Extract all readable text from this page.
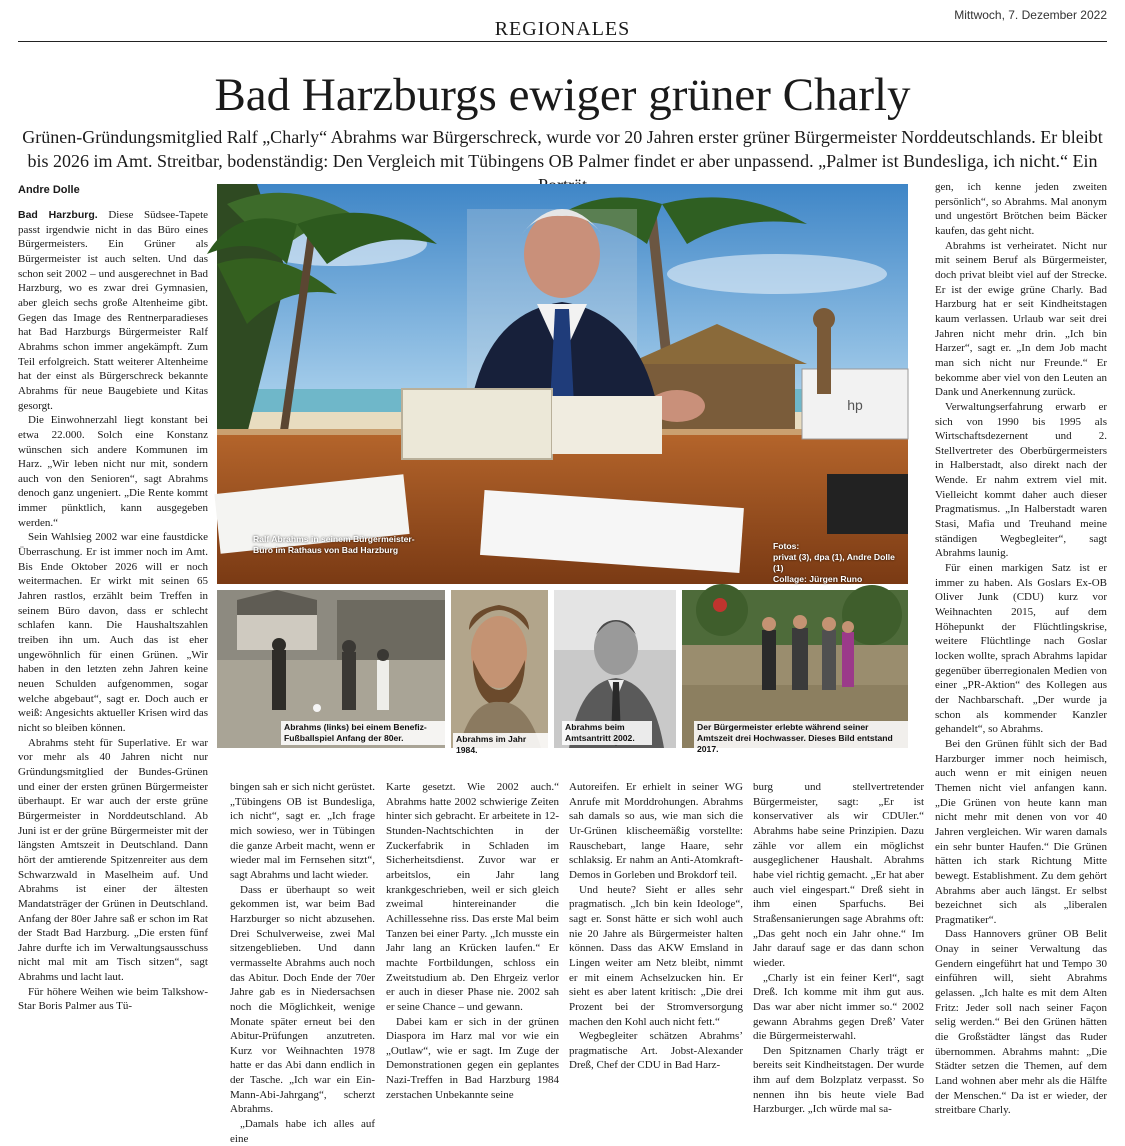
REGIONALES
Mittwoch, 7. Dezember 2022
Bad Harzburgs ewiger grüner Charly
Grünen-Gründungsmitglied Ralf „Charly“ Abrahms war Bürgerschreck, wurde vor 20 Jahren erster grüner Bürgermeister Norddeutschlands. Er bleibt bis 2026 im Amt. Streitbar, bodenständig: Den Vergleich mit Tübingens OB Palmer findet er aber unpassend. „Palmer ist Bundesliga, ich nicht.“ Ein
Andre Dolle

Bad Harzburg. Diese Südsee-Tapete passt irgendwie nicht in das Büro eines Bürgermeisters. Ein Grüner als Bürgermeister ist auch selten. Und das schon seit 2002 – und ausgerechnet in Bad Harzburg, wo es zwar drei Gymnasien, aber gleich sechs große Altenheime gibt. Gegen das Image des Rentnerparadieses hat Bad Harzburgs Bürgermeister Ralf Abrahms schon immer angekämpft. Zum Teil erfolgreich. Statt weiterer Altenheime hat der einst als Bürgerschreck bekannte Abrahms für neue Baugebiete und Kitas gesorgt.

Die Einwohnerzahl liegt konstant bei etwa 22.000. Solch eine Konstanz wünschen sich andere Kommunen im Harz. „Wir leben nicht nur mit, sondern auch von den Senioren“, sagt Abrahms denoch ganz ungeniert. „Die Rente kommt immer pünktlich, kann ausgegeben werden.“

Sein Wahlsieg 2002 war eine faustdicke Überraschung. Er ist immer noch im Amt. Bis Ende Oktober 2026 will er noch weitermachen. Er wirkt mit seinen 65 Jahren rastlos, erzählt beim Treffen in seinem Büro davon, dass er schlecht schlafen kann. Die Haushaltszahlen treiben ihn um. Auch das ist eher ungewöhnlich für einen Grünen. „Wir haben in den letzten zehn Jahren keine neuen Schulden aufgenommen, sogar welche abgebaut“, sagt er. Doch auch er weiß: Angesichts aktueller Krisen wird das nicht so bleiben können.

Abrahms steht für Superlative. Er war vor mehr als 40 Jahren nicht nur Gründungsmitglied der Bundes-Grünen und einer der ersten grünen Bürgermeister überhaupt. Er war auch der erste grüne Bürgermeister in Norddeutschland. Ab Juni ist er der grüne Bürgermeister mit der längsten Amtszeit in Deutschland. Dann hört der amtierende Spitzenreiter aus dem Schwarzwald in Maselheim auf. Und Abrahms ist einer der ältesten Mandatsträger der Grünen in Deutschland. Anfang der 80er Jahre saß er schon im Rat der Stadt Bad Harzburg. „Die ersten fünf Jahre durfte ich im Verwaltungsausschuss nicht mal mit am Tisch sitzen“, sagt Abrahms und lacht laut.

Für höhere Weihen wie beim Talkshow-Star Boris Palmer aus Tü-

hp
Ralf Abrahms in seinem Bürgermeister-Büro im Rathaus von Bad Harzburg	Fotos:
privat (3), dpa (1), Andre Dolle (1)
Collage: Jürgen Runo
Abrahms (links) bei einem Benefiz-Fußballspiel Anfang der 80er.	Abrahms im Jahr 1984.
Abrahms beim Amtsantritt 2002.
Der Bürgermeister erlebte während seiner Amtszeit drei Hochwasser. Dieses Bild entstand 2017.

bingen sah er sich nicht gerüstet. „Tübingens OB ist Bundesliga, ich nicht“, sagt er. „Ich frage mich sowieso, wer in Tübingen die ganze Arbeit macht, wenn er wieder mal im Fernsehen sitzt“, sagt Abrahms und lacht wieder.

Dass er überhaupt so weit gekommen ist, war beim Bad Harzburger so nicht abzusehen. Drei Schulverweise, zwei Mal sitzengeblieben. Und dann vermasselte Abrahms auch noch das Abitur. Doch Ende der 70er Jahre gab es in Niedersachsen noch die Möglichkeit, wenige Monate später erneut bei den Abitur-Prüfungen anzutreten. Kurz vor Weihnachten 1978 hatte er das Abi dann endlich in der Tasche. „Ich war ein Ein-Mann-Abi-Jahrgang“, scherzt Abrahms.

„Damals habe ich alles auf eine

Karte gesetzt. Wie 2002 auch.“ Abrahms hatte 2002 schwierige Zeiten hinter sich gebracht. Er arbeitete in 12-Stunden-Nachtschichten in der Zuckerfabrik in Schladen im Sicherheitsdienst. Zuvor war er arbeitslos, ein Jahr lang krankgeschrieben, weil er sich gleich zweimal hintereinander die Achillessehne riss. Das erste Mal beim Tanzen bei einer Party. „Ich musste ein Jahr lang an Krücken laufen.“ Er machte Fortbildungen, schloss ein Zweitstudium ab. Den Ehrgeiz verlor er auch in dieser Phase nie. 2002 sah er seine Chance – und gewann.

Dabei kam er sich in der grünen Diaspora im Harz mal vor wie ein „Outlaw“, wie er sagt. Im Zuge der Demonstrationen gegen ein geplantes Nazi-Treffen in Bad Harzburg 1984 zerstachen Unbekannte seine

Autoreifen. Er erhielt in seiner WG Anrufe mit Morddrohungen. Abrahms sah damals so aus, wie man sich die Ur-Grünen klischeemäßig vorstellte: Rauschebart, lange Haare, sehr schlaksig. Er nahm an Anti-Atomkraft-Demos in Gorleben und Brokdorf teil.

Und heute? Sieht er alles sehr pragmatisch. „Ich bin kein Ideologe“, sagt er. Sonst hätte er sich wohl auch nie 20 Jahre als Bürgermeister halten können. Dass das AKW Emsland in Lingen weiter am Netz bleibt, nimmt er mit einem Achselzucken hin. Er sieht es aber latent kritisch: „Die drei Prozent bei der Stromversorgung machen den Kohl auch nicht fett.“

Wegbegleiter schätzen Abrahms’ pragmatische Art. Jobst-Alexander Dreß, Chef der CDU in Bad Harz-

burg und stellvertretender Bürgermeister, sagt: „Er ist konservativer als wir CDUler.“ Abrahms habe seine Prinzipien. Dazu zähle vor allem ein möglichst ausgeglichener Haushalt. Abrahms habe viel richtig gemacht. „Er hat aber auch viel eingespart.“ Dreß sieht in ihm einen Sparfuchs. Bei Straßensanierungen sage Abrahms oft: „Das geht noch ein Jahr ohne.“ Im Jahr darauf sage er das dann schon wieder.

„Charly ist ein feiner Kerl“, sagt Dreß. Ich komme mit ihm gut aus. Das war aber nicht immer so.“ 2002 gewann Abrahms gegen Dreß’ Vater die Bürgermeisterwahl.

Den Spitznamen Charly trägt er bereits seit Kindheitstagen. Der wurde ihm auf dem Bolzplatz verpasst. So nennen ihn bis heute viele Bad Harzburger. „Ich würde mal sa-

gen, ich kenne jeden zweiten persönlich“, so Abrahms. Mal anonym und ungestört Brötchen beim Bäcker kaufen, das geht nicht.

Abrahms ist verheiratet. Nicht nur mit seinem Beruf als Bürgermeister, doch privat bleibt viel auf der Strecke. Er ist der ewige grüne Charly. Bad Harzburg hat er seit Kindheitstagen kaum verlassen. Urlaub war seit drei Jahren nicht mehr drin. „Ich bin Harzer“, sagt er. „In dem Job macht man sich nicht nur Freunde.“ Er bekomme aber viel von den Leuten an Dank und Anerkennung zurück.

Verwaltungserfahrung erwarb er sich von 1990 bis 1995 als Wirtschaftsdezernent und 2. Stellvertreter des Oberbürgermeisters in Halberstadt, also direkt nach der Wende. Er nahm extrem viel mit. Vielleicht kommt daher auch dieser Pragmatismus. „In Halberstadt waren Stasi, Mafia und Treuhand meine ständigen Wegbegleiter“, sagt Abrahms launig.

Für einen markigen Satz ist er immer zu haben. Als Goslars Ex-OB Oliver Junk (CDU) kurz vor Weihnachten 2015, auf dem Höhepunkt der Flüchtlingskrise, weitere Flüchtlinge nach Goslar locken wollte, sprach Abrahms lapidar gegenüber überregionalen Medien von einer „PR-Aktion“ des Kollegen aus der Nachbarschaft. „Der wurde ja schon als kommender Kanzler gehandelt“, so Abrahms.

Bei den Grünen fühlt sich der Bad Harzburger immer noch heimisch, auch wenn er mit einigen neuen Themen nicht viel anfangen kann. „Die Grünen von heute kann man nicht mehr mit denen von vor 40 Jahren vergleichen. Wir waren damals ein sehr bunter Haufen.“ Die Grünen hätten ich stark Richtung Mitte bewegt. Establishment. Zu dem gehört Abrahms aber auch längst. Er selbst bezeichnet sich als „liberalen Pragmatiker“.

Dass Hannovers grüner OB Belit Onay in seiner Verwaltung das Gendern eingeführt hat und Tempo 30 einführen will, sieht Abrahms gelassen. „Ich halte es mit dem Alten Fritz: Jeder soll nach seiner Façon selig werden.“ Bei den Grünen hätten die Großstädter längst das Ruder übernommen. Abrahms mahnt: „Die Städter setzen die Themen, auf dem Land wohnen aber mehr als die Hälfte der Menschen.“ Da ist er wieder, der streitbare Charly.
